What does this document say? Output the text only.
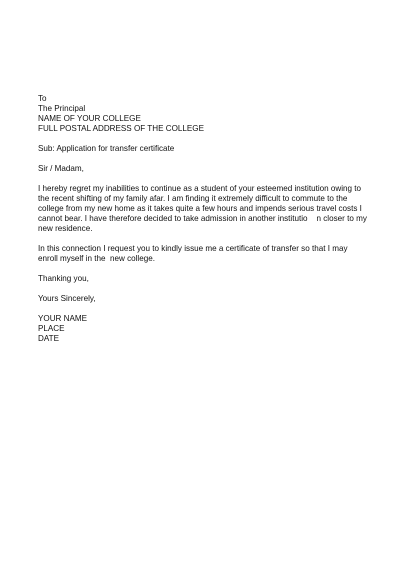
To
The Principal
NAME OF YOUR COLLEGE
FULL POSTAL ADDRESS OF THE COLLEGE
Sub: Application for transfer certificate
Sir / Madam,
I hereby regret my inabilities to continue as a student of your esteemed institution owing to
the recent shifting of my family afar. I am finding it extremely difficult to commute to the
college from my new home as it takes quite a few hours and impends serious travel costs I
cannot bear. I have therefore decided to take admission in another institutio    n closer to my
new residence.
In this connection I request you to kindly issue me a certificate of transfer so that I may
enroll myself in the  new college.
Thanking you,
Yours Sincerely,
YOUR NAME
PLACE
DATE
